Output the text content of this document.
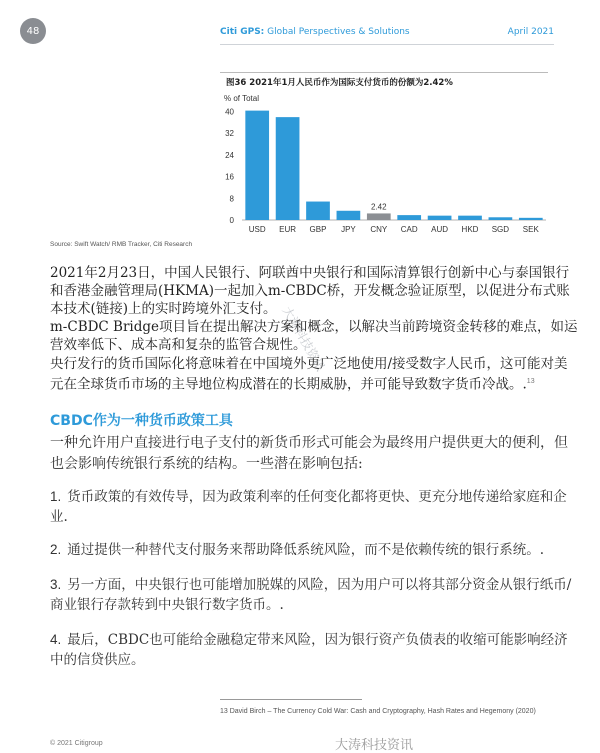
48	Citi GPS: Global Perspectives & Solutions	April 2021
图36 2021年1月人民币作为国际支付货币的份额为2.42%
% of Total
0
8
16
24
32
40
USD EUR GBP JPY CNY CAD AUD HKD SGD SEK
2.42
Source: Swift Watch/ RMB Tracker, Citi Research
2021年2月23日，中国人民银行、阿联酋中央银行和国际清算银行创新中心与泰国银行和香港金融管理局(HKMA)一起加入m-CBDC桥，开发概念验证原型，以促进分布式账本技术(链接)上的实时跨境外汇支付。
m-CBDC Bridge项目旨在提出解决方案和概念，以解决当前跨境资金转移的难点，如运营效率低下、成本高和复杂的监管合规性。
央行发行的货币国际化将意味着在中国境外更广泛地使用/接受数字人民币，这可能对美元在全球货币市场的主导地位构成潜在的长期威胁，并可能导致数字货币冷战。.$^{13}$
大涛科技资讯
CBDC作为一种货币政策工具
一种允许用户直接进行电子支付的新货币形式可能会为最终用户提供更大的便利，但也会影响传统银行系统的结构。一些潜在影响包括:
1. 货币政策的有效传导，因为政策利率的任何变化都将更快、更充分地传递给家庭和企业.
2. 通过提供一种替代支付服务来帮助降低系统风险，而不是依赖传统的银行系统。.
3. 另一方面，中央银行也可能增加脱媒的风险，因为用户可以将其部分资金从银行纸币/商业银行存款转到中央银行数字货币。.
4. 最后，CBDC也可能给金融稳定带来风险，因为银行资产负债表的收缩可能影响经济中的信贷供应。
13 David Birch – The Currency Cold War: Cash and Cryptography, Hash Rates and Hegemony (2020)
© 2021 Citigroup	大涛科技资讯
